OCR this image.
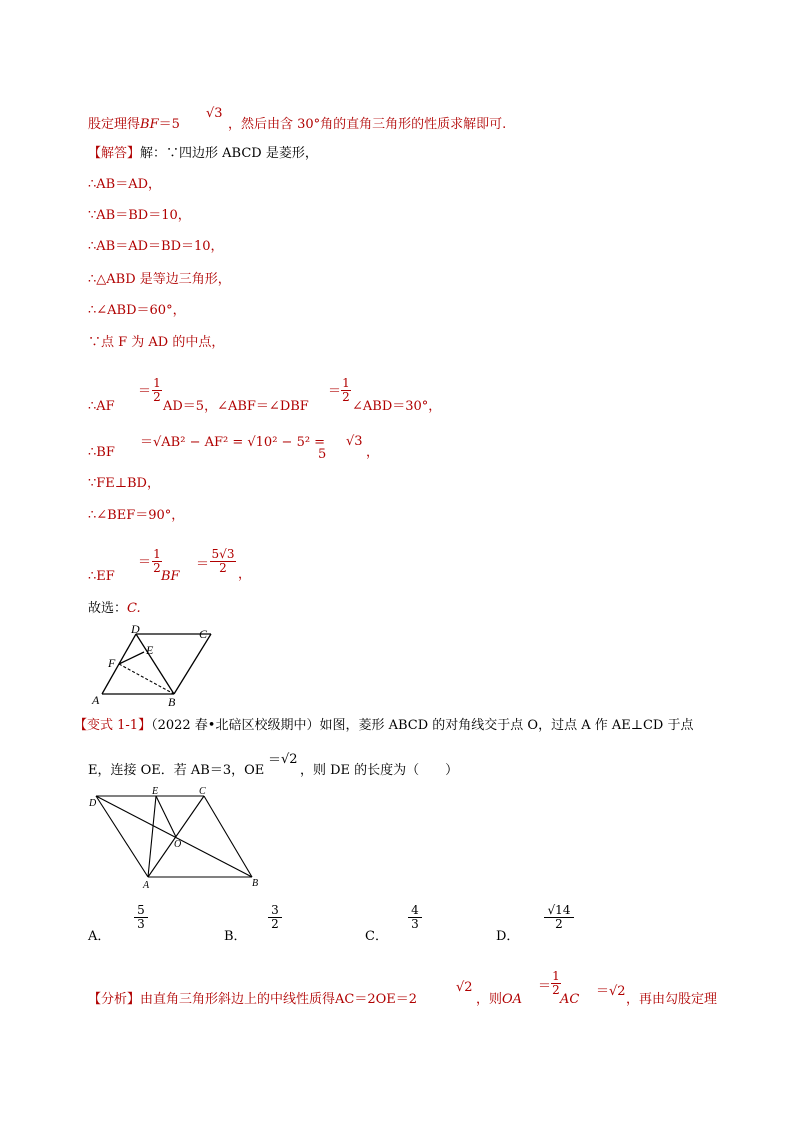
股定理得BF＝5
√3
，然后由含 30°角的直角三角形的性质求解即可.
【解答】解：∵四边形 ABCD 是菱形，
∴AB＝AD，
∵AB＝BD＝10，
∴AB＝AD＝BD＝10，
∴△ABD 是等边三角形，
∴∠ABD＝60°，
∵点 F 为 AD 的中点，
∴AF
＝ $\frac{1}{2}$
AD＝5，∠ABF＝∠DBF
＝ $\frac{1}{2}$
∠ABD＝30°，
∴BF
＝√AB² − AF² = √10² − 5² =
5
√3
，
∵FE⊥BD，
∴∠BEF＝90°，
∴EF
＝ $\frac{1}{2}$
BF
＝ $\frac{5√3}{2}$ ，
故选：C.
D	C
E
F
A	B
【变式 1-1】（2022 春•北碚区校级期中）如图，菱形 ABCD 的对角线交于点 O，过点 A 作 AE⊥CD 于点
E，连接 OE．若 AB＝3，OE
＝ √2
，则 DE 的长度为（　　）
D
E	C
O
A	B
A．
$\frac{5}{3}$
B．
$\frac{3}{2}$
C．
$\frac{4}{3}$
D．
$\frac{√14}{2}$
【分析】由直角三角形斜边上的中线性质得AC＝2OE＝2
√2
，则OA
＝ $\frac{1}{2}$
AC
＝√2
，再由勾股定理
